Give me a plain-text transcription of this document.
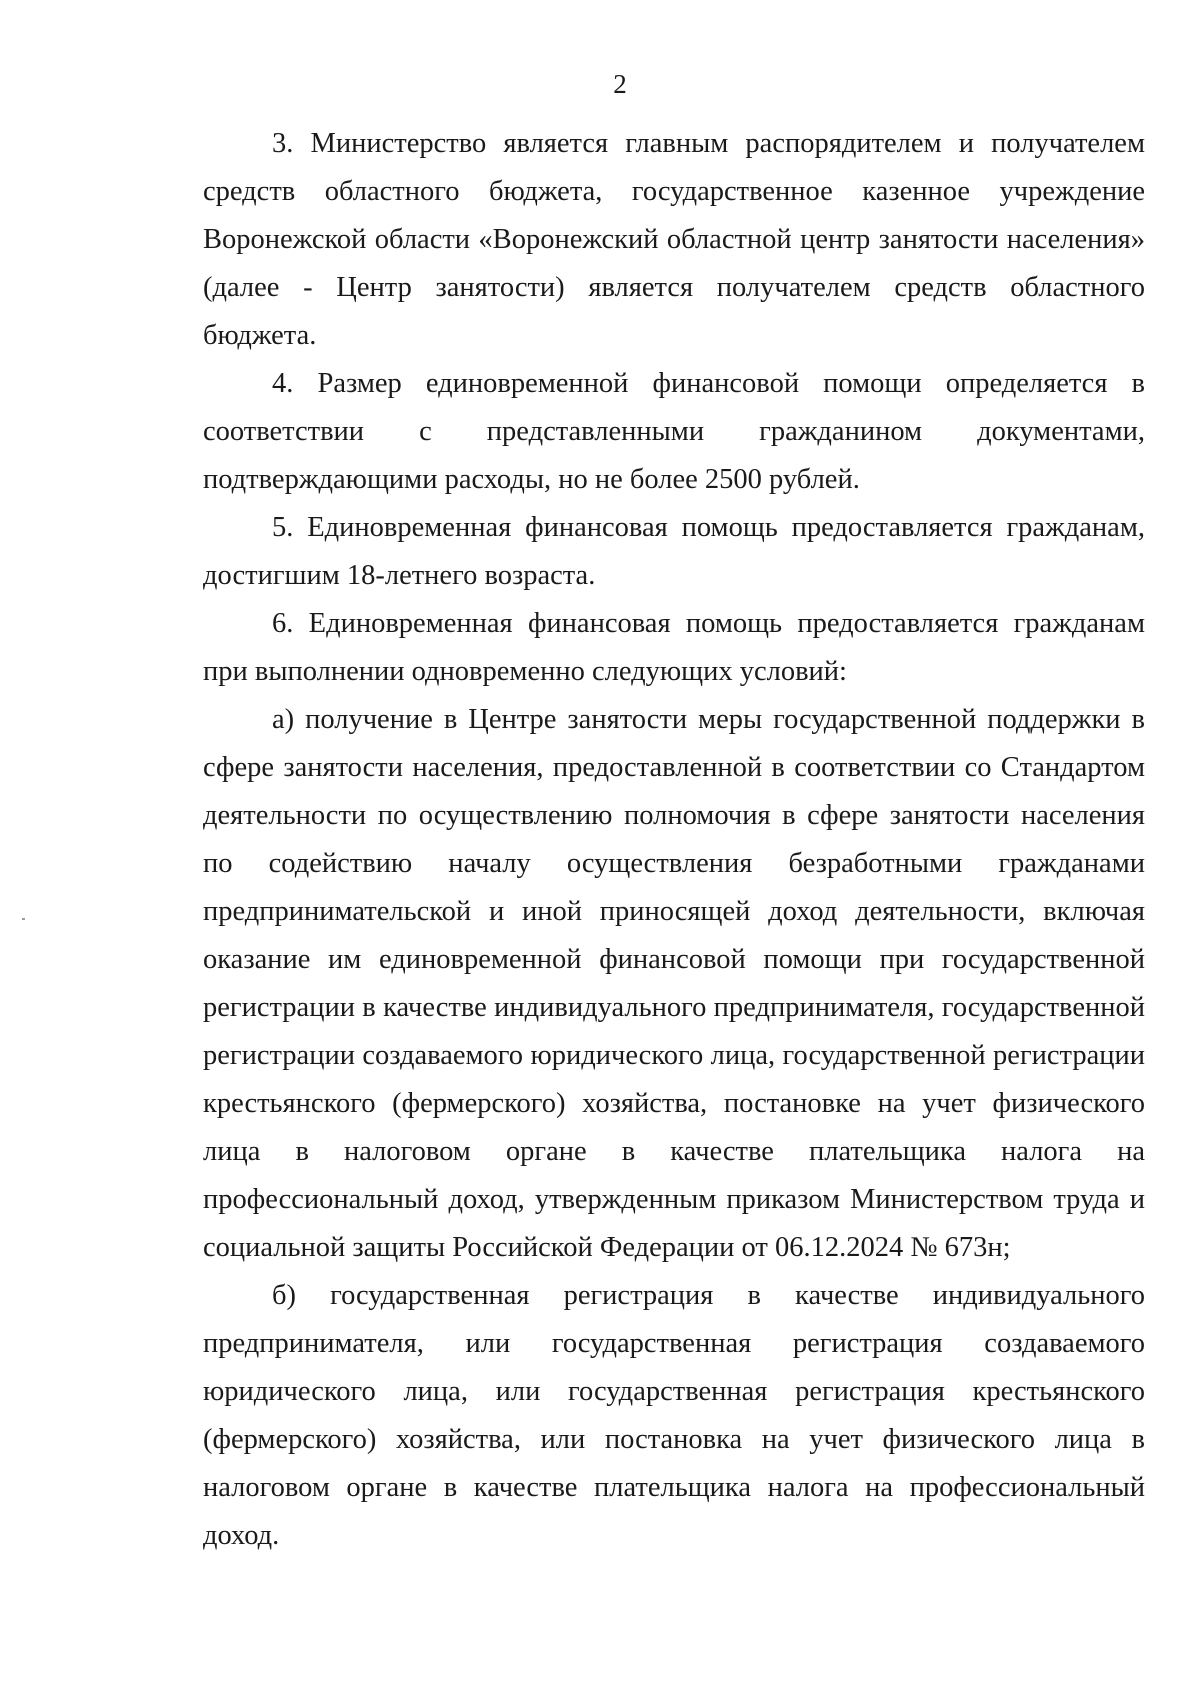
2

3. Министерство является главным распорядителем и получателем средств областного бюджета, государственное казенное учреждение Воронежской области «Воронежский областной центр занятости населения» (далее - Центр занятости) является получателем средств областного бюджета.

4. Размер единовременной финансовой помощи определяется в соответствии с представленными гражданином документами, подтверждающими расходы, но не более 2500 рублей.

5. Единовременная финансовая помощь предоставляется гражданам, достигшим 18-летнего возраста.

6. Единовременная финансовая помощь предоставляется гражданам при выполнении одновременно следующих условий:

а) получение в Центре занятости меры государственной поддержки в сфере занятости населения, предоставленной в соответствии со Стандартом деятельности по осуществлению полномочия в сфере занятости населения по содействию началу осуществления безработными гражданами предпринимательской и иной приносящей доход деятельности, включая оказание им единовременной финансовой помощи при государственной регистрации в качестве индивидуального предпринимателя, государственной регистрации создаваемого юридического лица, государственной регистрации крестьянского (фермерского) хозяйства, постановке на учет физического лица в налоговом органе в качестве плательщика налога на профессиональный доход, утвержденным приказом Министерством труда и социальной защиты Российской Федерации от 06.12.2024 № 673н;

б) государственная регистрация в качестве индивидуального предпринимателя, или государственная регистрация создаваемого юридического лица, или государственная регистрация крестьянского (фермерского) хозяйства, или постановка на учет физического лица в налоговом органе в качестве плательщика налога на профессиональный доход.
